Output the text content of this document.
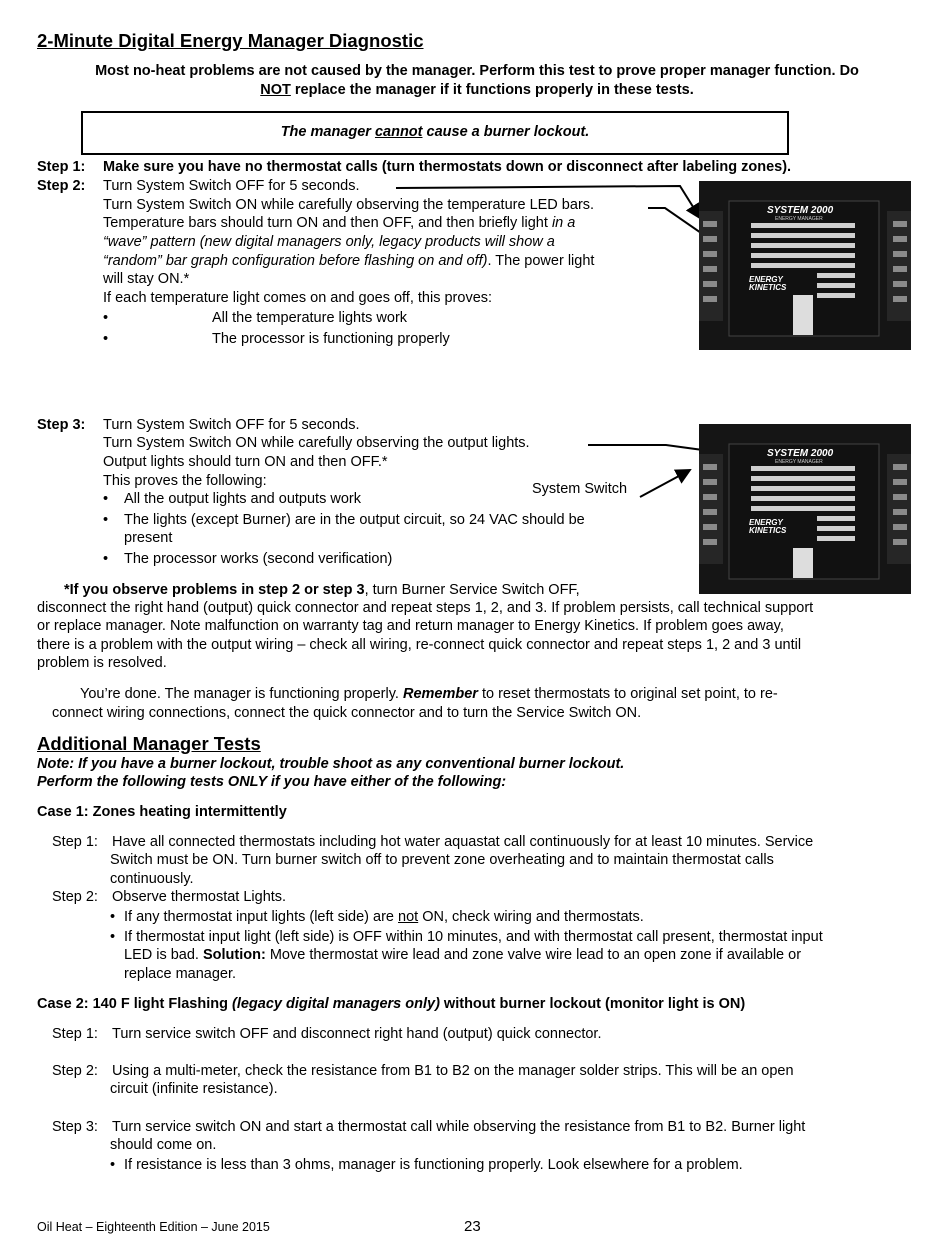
2-Minute Digital Energy Manager Diagnostic
Most no-heat problems are not caused by the manager. Perform this test to prove proper manager function. Do
NOT replace the manager if it functions properly in these tests.
The manager cannot cause a burner lockout.
Step 1: Make sure you have no thermostat calls (turn thermostats down or disconnect after labeling zones).
Step 2: Turn System Switch OFF for 5 seconds.
Turn System Switch ON while carefully observing the temperature LED bars.
Temperature bars should turn ON and then OFF, and then briefly light in a
“wave” pattern (new digital managers only, legacy products will show a
“random” bar graph configuration before flashing on and off). The power light
will stay ON.*
If each temperature light comes on and goes off, this proves:
•	All the temperature lights work
•	The processor is functioning properly
Step 3: Turn System Switch OFF for 5 seconds.
Turn System Switch ON while carefully observing the output lights.
Output lights should turn ON and then OFF.*
This proves the following:
• All the output lights and outputs work
• The lights (except Burner) are in the output circuit, so 24 VAC should be
present
• The processor works (second verification)
System Switch
*If you observe problems in step 2 or step 3, turn Burner Service Switch OFF,
disconnect the right hand (output) quick connector and repeat steps 1, 2, and 3. If problem persists, call technical support
or replace manager. Note malfunction on warranty tag and return manager to Energy Kinetics. If problem goes away,
there is a problem with the output wiring – check all wiring, re-connect quick connector and repeat steps 1, 2 and 3 until
problem is resolved.
You’re done. The manager is functioning properly. Remember to reset thermostats to original set point, to re-
connect wiring connections, connect the quick connector and to turn the Service Switch ON.
Additional Manager Tests
Note: If you have a burner lockout, trouble shoot as any conventional burner lockout.
Perform the following tests ONLY if you have either of the following:
Case 1: Zones heating intermittently
Step 1: Have all connected thermostats including hot water aquastat call continuously for at least 10 minutes. Service
Switch must be ON. Turn burner switch off to prevent zone overheating and to maintain thermostat calls
continuously.
Step 2: Observe thermostat Lights.
• If any thermostat input lights (left side) are not ON, check wiring and thermostats.
• If thermostat input light (left side) is OFF within 10 minutes, and with thermostat call present, thermostat input
LED is bad. Solution: Move thermostat wire lead and zone valve wire lead to an open zone if available or
replace manager.
Case 2: 140 F light Flashing (legacy digital managers only) without burner lockout (monitor light is ON)
Step 1: Turn service switch OFF and disconnect right hand (output) quick connector.
Step 2: Using a multi-meter, check the resistance from B1 to B2 on the manager solder strips. This will be an open
circuit (infinite resistance).
Step 3: Turn service switch ON and start a thermostat call while observing the resistance from B1 to B2. Burner light
should come on.
• If resistance is less than 3 ohms, manager is functioning properly. Look elsewhere for a problem.
Oil Heat – Eighteenth Edition – June 2015	23
SYSTEM 2000
ENERGY MANAGER
ENERGY
KINETICS
SYSTEM 2000
ENERGY MANAGER
ENERGY
KINETICS
